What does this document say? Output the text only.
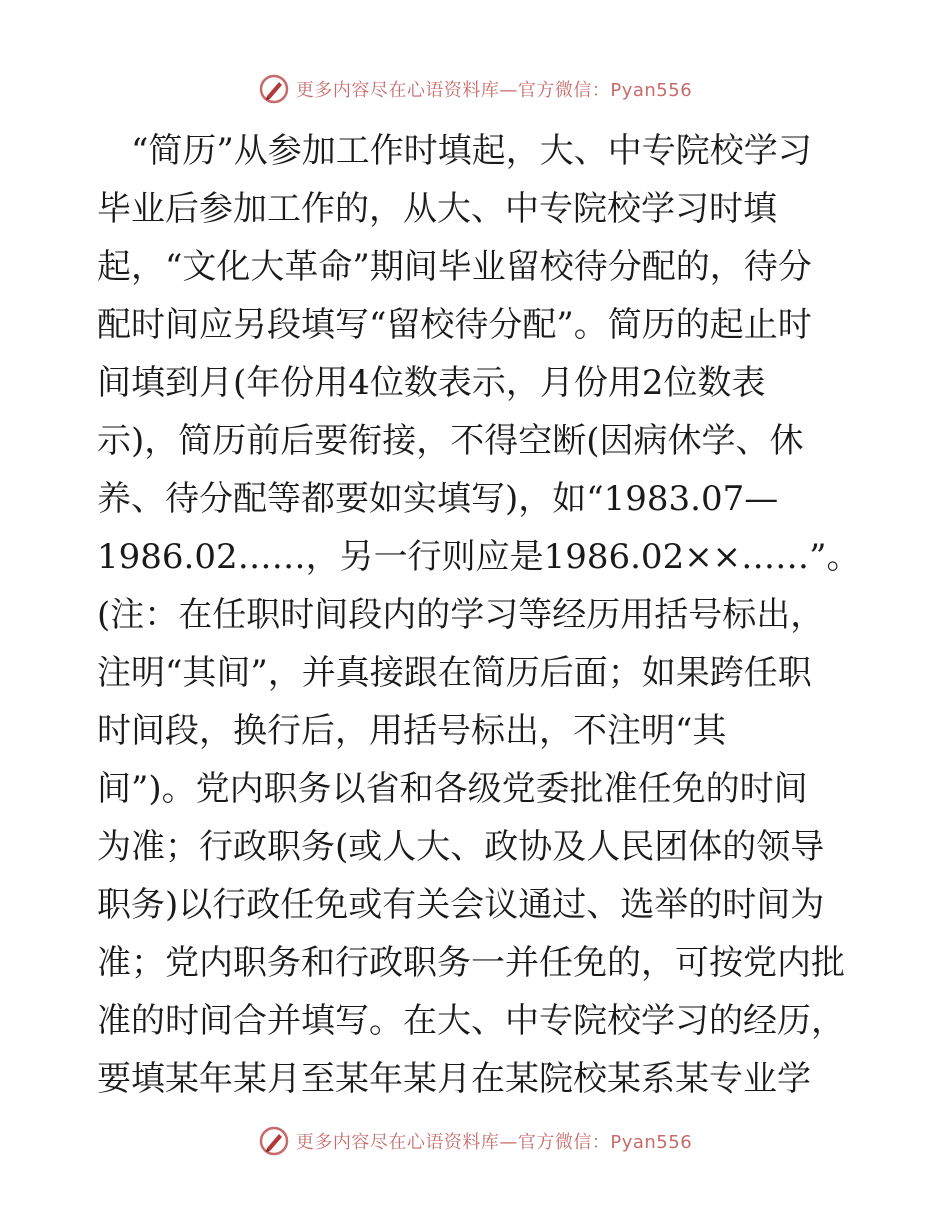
更多内容尽在心语资料库—官方微信：Pyan556
　“简历”从参加工作时填起，大、中专院校学习
毕业后参加工作的，从大、中专院校学习时填
起，“文化大革命”期间毕业留校待分配的，待分
配时间应另段填写“留校待分配”。简历的起止时
间填到月(年份用4位数表示，月份用2位数表
示)，简历前后要衔接，不得空断(因病休学、休
养、待分配等都要如实填写)，如“1983.07—
1986.02……，另一行则应是1986.02××……”。
(注：在任职时间段内的学习等经历用括号标出，
注明“其间”，并真接跟在简历后面；如果跨任职
时间段，换行后，用括号标出，不注明“其
间”)。党内职务以省和各级党委批准任免的时间
为准；行政职务(或人大、政协及人民团体的领导
职务)以行政任免或有关会议通过、选举的时间为
准；党内职务和行政职务一并任免的，可按党内批
准的时间合并填写。在大、中专院校学习的经历，
要填某年某月至某年某月在某院校某系某专业学
更多内容尽在心语资料库—官方微信：Pyan556
